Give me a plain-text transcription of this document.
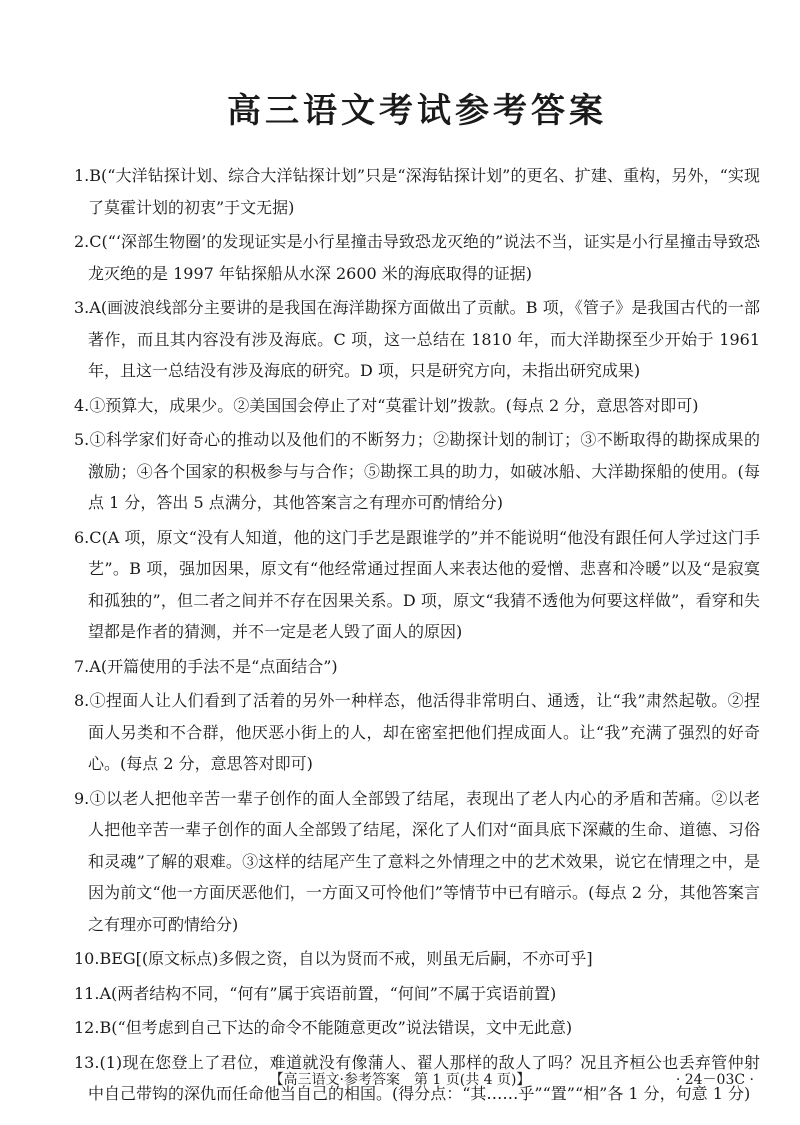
高三语文考试参考答案

1.B(“大洋钻探计划、综合大洋钻探计划”只是“深海钻探计划”的更名、扩建、重构，另外，“实现了莫霍计划的初衷”于文无据)

2.C(“‘深部生物圈’的发现证实是小行星撞击导致恐龙灭绝的”说法不当，证实是小行星撞击导致恐龙灭绝的是 1997 年钻探船从水深 2600 米的海底取得的证据)

3.A(画波浪线部分主要讲的是我国在海洋勘探方面做出了贡献。B 项，《管子》是我国古代的一部著作，而且其内容没有涉及海底。C 项，这一总结在 1810 年，而大洋勘探至少开始于 1961 年，且这一总结没有涉及海底的研究。D 项，只是研究方向，未指出研究成果)

4.①预算大，成果少。②美国国会停止了对“莫霍计划”拨款。(每点 2 分，意思答对即可)

5.①科学家们好奇心的推动以及他们的不断努力；②勘探计划的制订；③不断取得的勘探成果的激励；④各个国家的积极参与与合作；⑤勘探工具的助力，如破冰船、大洋勘探船的使用。(每点 1 分，答出 5 点满分，其他答案言之有理亦可酌情给分)

6.C(A 项，原文“没有人知道，他的这门手艺是跟谁学的”并不能说明“他没有跟任何人学过这门手艺”。B 项，强加因果，原文有“他经常通过捏面人来表达他的爱憎、悲喜和冷暖”以及“是寂寞和孤独的”，但二者之间并不存在因果关系。D 项，原文“我猜不透他为何要这样做”，看穿和失望都是作者的猜测，并不一定是老人毁了面人的原因)

7.A(开篇使用的手法不是“点面结合”)

8.①捏面人让人们看到了活着的另外一种样态，他活得非常明白、通透，让“我”肃然起敬。②捏面人另类和不合群，他厌恶小街上的人，却在密室把他们捏成面人。让“我”充满了强烈的好奇心。(每点 2 分，意思答对即可)

9.①以老人把他辛苦一辈子创作的面人全部毁了结尾，表现出了老人内心的矛盾和苦痛。②以老人把他辛苦一辈子创作的面人全部毁了结尾，深化了人们对“面具底下深藏的生命、道德、习俗和灵魂”了解的艰难。③这样的结尾产生了意料之外情理之中的艺术效果，说它在情理之中，是因为前文“他一方面厌恶他们，一方面又可怜他们”等情节中已有暗示。(每点 2 分，其他答案言之有理亦可酌情给分)

10.BEG[(原文标点)多假之资，自以为贤而不戒，则虽无后嗣，不亦可乎]

11.A(两者结构不同，“何有”属于宾语前置，“何间”不属于宾语前置)

12.B(“但考虑到自己下达的命令不能随意更改”说法错误，文中无此意)

13.(1)现在您登上了君位，难道就没有像蒲人、翟人那样的敌人了吗？况且齐桓公也丢弃管仲射中自己带钩的深仇而任命他当自己的相国。(得分点：“其……乎”“置”“相”各 1 分，句意 1 分)

【高三语文·参考答案　第 1 页(共 4 页)】	· 24－03C ·
